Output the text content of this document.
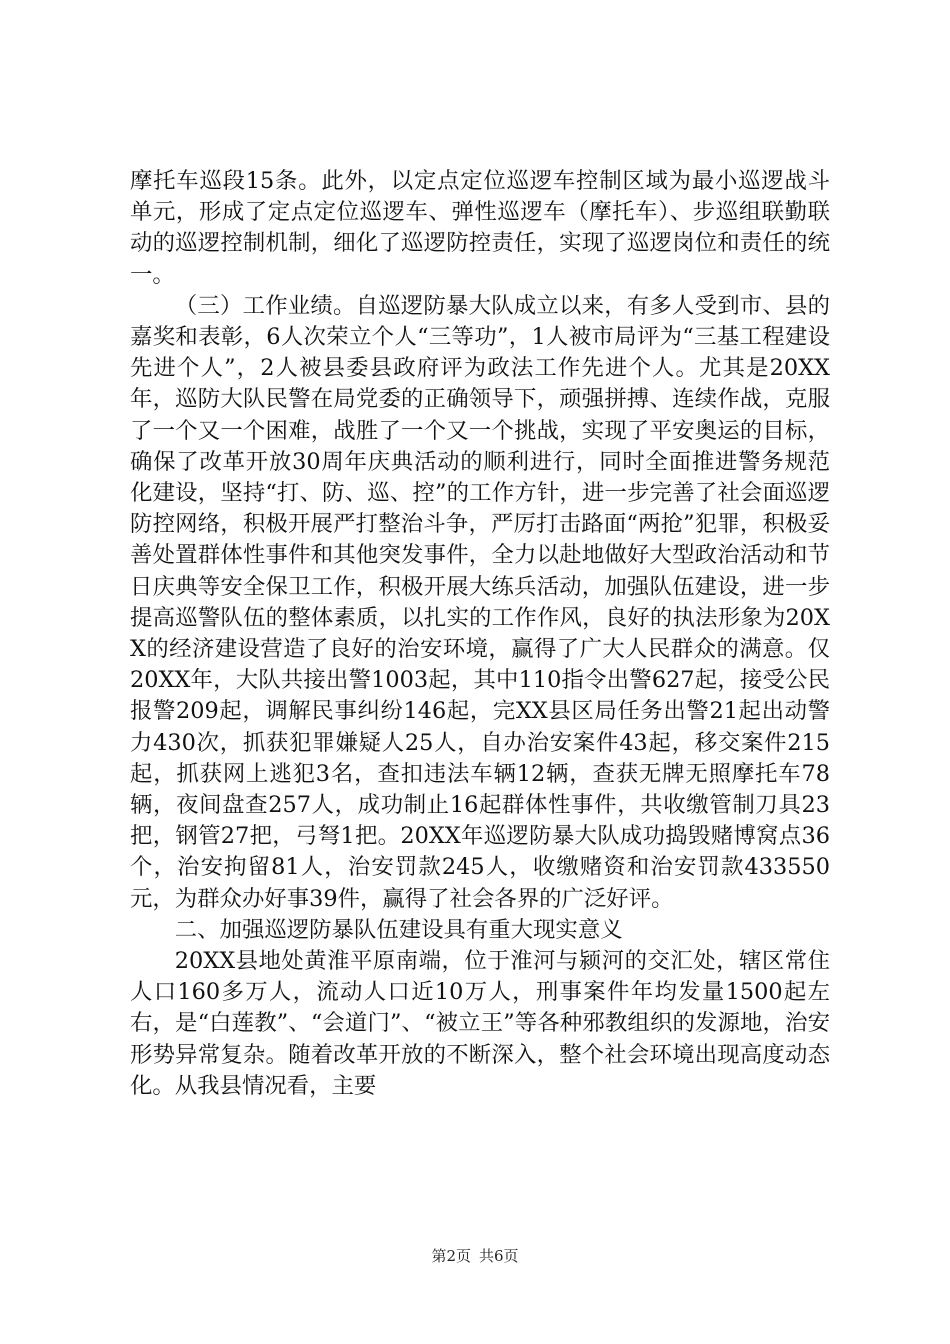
摩托车巡段15条。此外，以定点定位巡逻车控制区域为最小巡逻战斗单元，形成了定点定位巡逻车、弹性巡逻车（摩托车）、步巡组联勤联动的巡逻控制机制，细化了巡逻防控责任，实现了巡逻岗位和责任的统一。

（三）工作业绩。自巡逻防暴大队成立以来，有多人受到市、县的嘉奖和表彰，6人次荣立个人“三等功”，1人被市局评为“三基工程建设先进个人”，2人被县委县政府评为政法工作先进个人。尤其是20XX年，巡防大队民警在局党委的正确领导下，顽强拼搏、连续作战，克服了一个又一个困难，战胜了一个又一个挑战，实现了平安奥运的目标，确保了改革开放30周年庆典活动的顺利进行，同时全面推进警务规范化建设，坚持“打、防、巡、控”的工作方针，进一步完善了社会面巡逻防控网络，积极开展严打整治斗争，严厉打击路面“两抢”犯罪，积极妥善处置群体性事件和其他突发事件，全力以赴地做好大型政治活动和节日庆典等安全保卫工作，积极开展大练兵活动，加强队伍建设，进一步提高巡警队伍的整体素质，以扎实的工作作风，良好的执法形象为20XX的经济建设营造了良好的治安环境，赢得了广大人民群众的满意。仅20XX年，大队共接出警1003起，其中110指令出警627起，接受公民报警209起，调解民事纠纷146起，完XX县区局任务出警21起出动警力430次，抓获犯罪嫌疑人25人，自办治安案件43起，移交案件215起，抓获网上逃犯3名，查扣违法车辆12辆，查获无牌无照摩托车78辆，夜间盘查257人，成功制止16起群体性事件，共收缴管制刀具23把，钢管27把，弓弩1把。20XX年巡逻防暴大队成功捣毁赌博窝点36个，治安拘留81人，治安罚款245人，收缴赌资和治安罚款433550元，为群众办好事39件，赢得了社会各界的广泛好评。

二、加强巡逻防暴队伍建设具有重大现实意义

20XX县地处黄淮平原南端，位于淮河与颍河的交汇处，辖区常住人口160多万人，流动人口近10万人，刑事案件年均发量1500起左右，是“白莲教”、“会道门”、“被立王”等各种邪教组织的发源地，治安形势异常复杂。随着改革开放的不断深入，整个社会环境出现高度动态化。从我县情况看，主要

第2页 共6页
